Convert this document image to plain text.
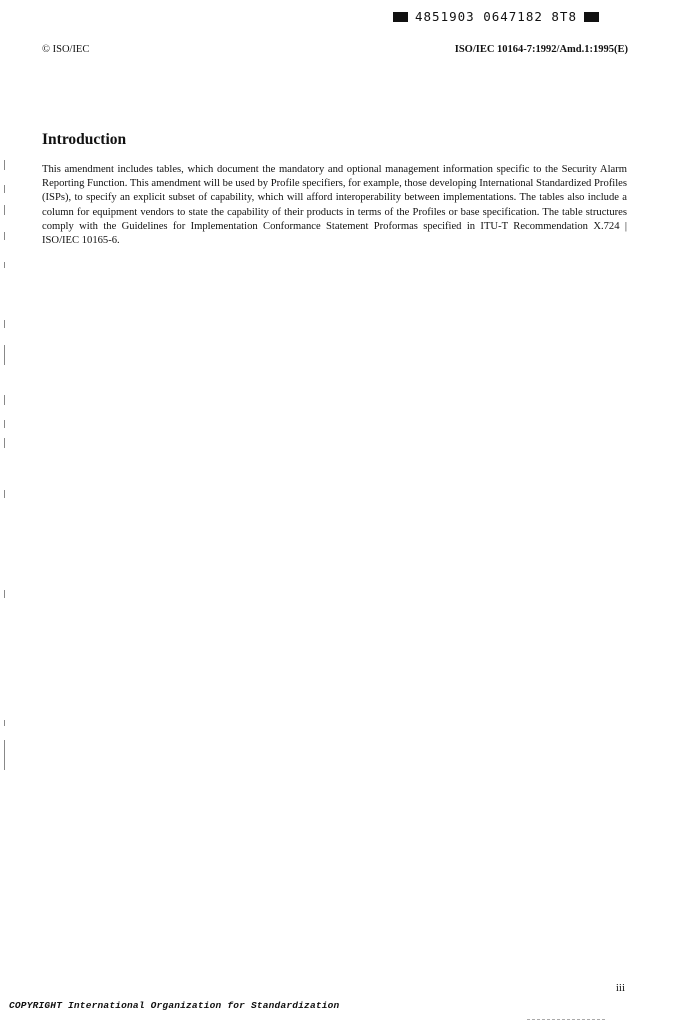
4851903 0647182 8T8
© ISO/IEC	ISO/IEC 10164-7:1992/Amd.1:1995(E)
Introduction

This amendment includes tables, which document the mandatory and optional management information specific to the Security Alarm Reporting Function. This amendment will be used by Profile specifiers, for example, those developing International Standardized Profiles (ISPs), to specify an explicit subset of capability, which will afford interoperability between implementations. The tables also include a column for equipment vendors to state the capability of their products in terms of the Profiles or base specification. The table structures comply with the Guidelines for Implementation Conformance Statement Proformas specified in ITU-T Recommendation X.724 | ISO/IEC 10165-6.

iii
COPYRIGHT International Organization for Standardization
